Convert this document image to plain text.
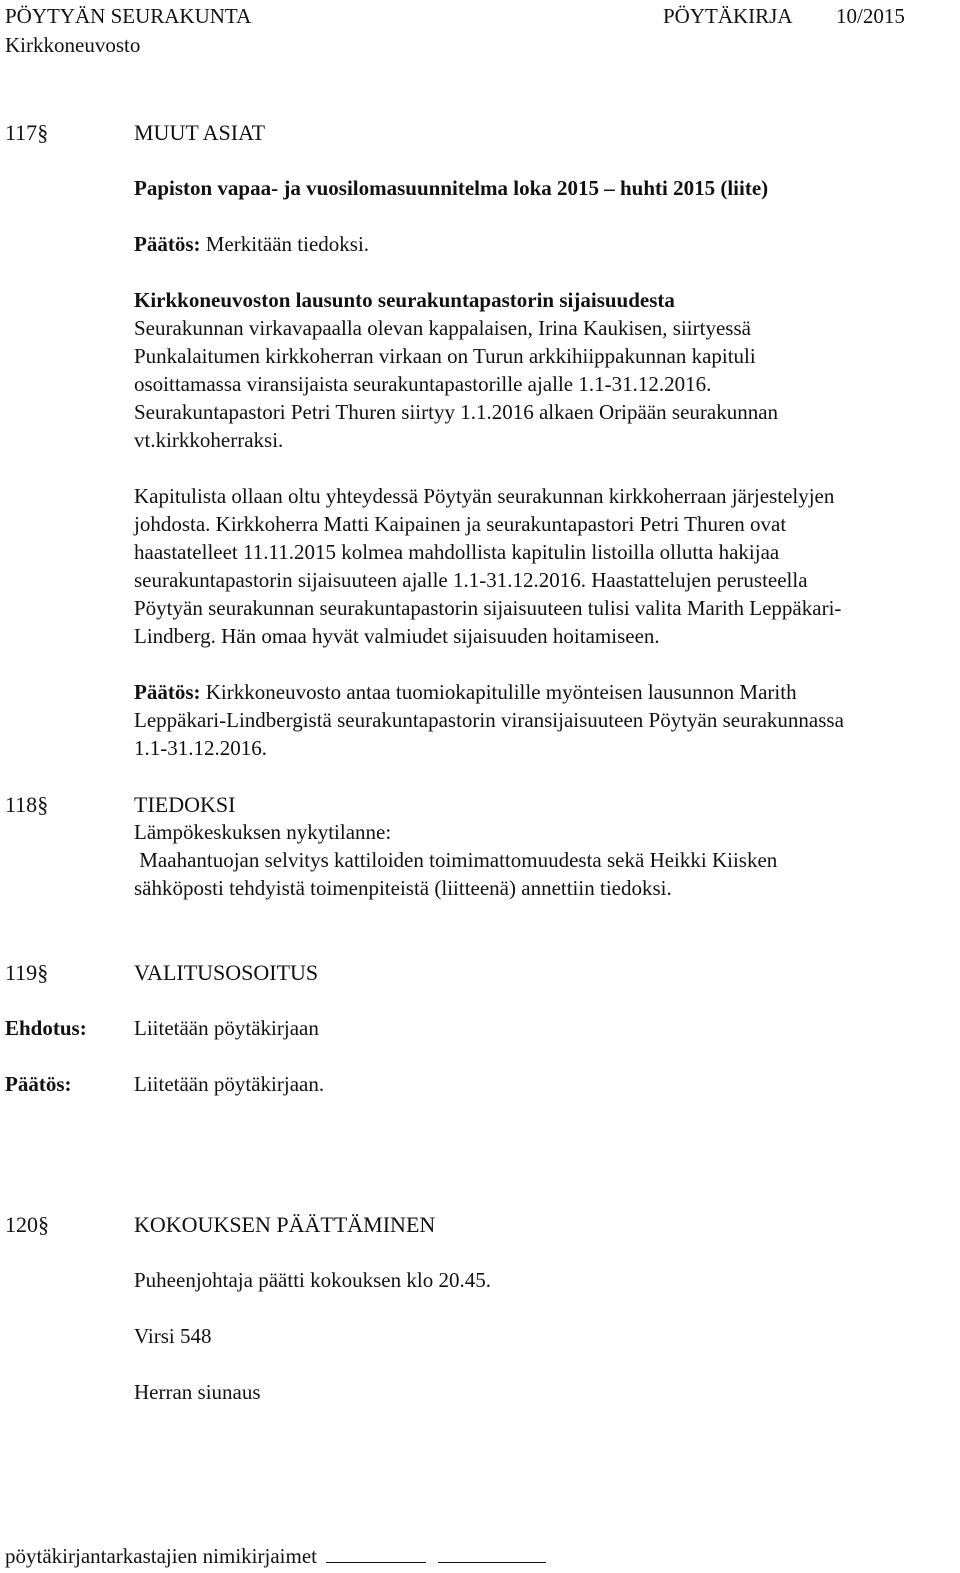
PÖYTYÄN SEURAKUNTA	PÖYTÄKIRJA 10/2015
Kirkkoneuvosto
117§	MUUT ASIAT
Papiston vapaa- ja vuosilomasuunnitelma loka 2015 – huhti 2015 (liite)
Päätös: Merkitään tiedoksi.
Kirkkoneuvoston lausunto seurakuntapastorin sijaisuudesta
Seurakunnan virkavapaalla olevan kappalaisen, Irina Kaukisen, siirtyessä
Punkalaitumen kirkkoherran virkaan on Turun arkkihiippakunnan kapituli
osoittamassa viransijaista seurakuntapastorille ajalle 1.1-31.12.2016.
Seurakuntapastori Petri Thuren siirtyy 1.1.2016 alkaen Oripään seurakunnan
vt.kirkkoherraksi.
Kapitulista ollaan oltu yhteydessä Pöytyän seurakunnan kirkkoherraan järjestelyjen
johdosta. Kirkkoherra Matti Kaipainen ja seurakuntapastori Petri Thuren ovat
haastatelleet 11.11.2015 kolmea mahdollista kapitulin listoilla ollutta hakijaa
seurakuntapastorin sijaisuuteen ajalle 1.1-31.12.2016. Haastattelujen perusteella
Pöytyän seurakunnan seurakuntapastorin sijaisuuteen tulisi valita Marith Leppäkari-
Lindberg. Hän omaa hyvät valmiudet sijaisuuden hoitamiseen.
Päätös: Kirkkoneuvosto antaa tuomiokapitulille myönteisen lausunnon Marith
Leppäkari-Lindbergistä seurakuntapastorin viransijaisuuteen Pöytyän seurakunnassa
1.1-31.12.2016.
118§	TIEDOKSI
Lämpökeskuksen nykytilanne:
Maahantuojan selvitys kattiloiden toimimattomuudesta sekä Heikki Kiisken
sähköposti tehdyistä toimenpiteistä (liitteenä) annettiin tiedoksi.
119§	VALITUSOSOITUS
Ehdotus: Liitetään pöytäkirjaan
Päätös:	Liitetään pöytäkirjaan.
120§	KOKOUKSEN PÄÄTTÄMINEN
Puheenjohtaja päätti kokouksen klo 20.45.
Virsi 548
Herran siunaus
pöytäkirjantarkastajien nimikirjaimet
